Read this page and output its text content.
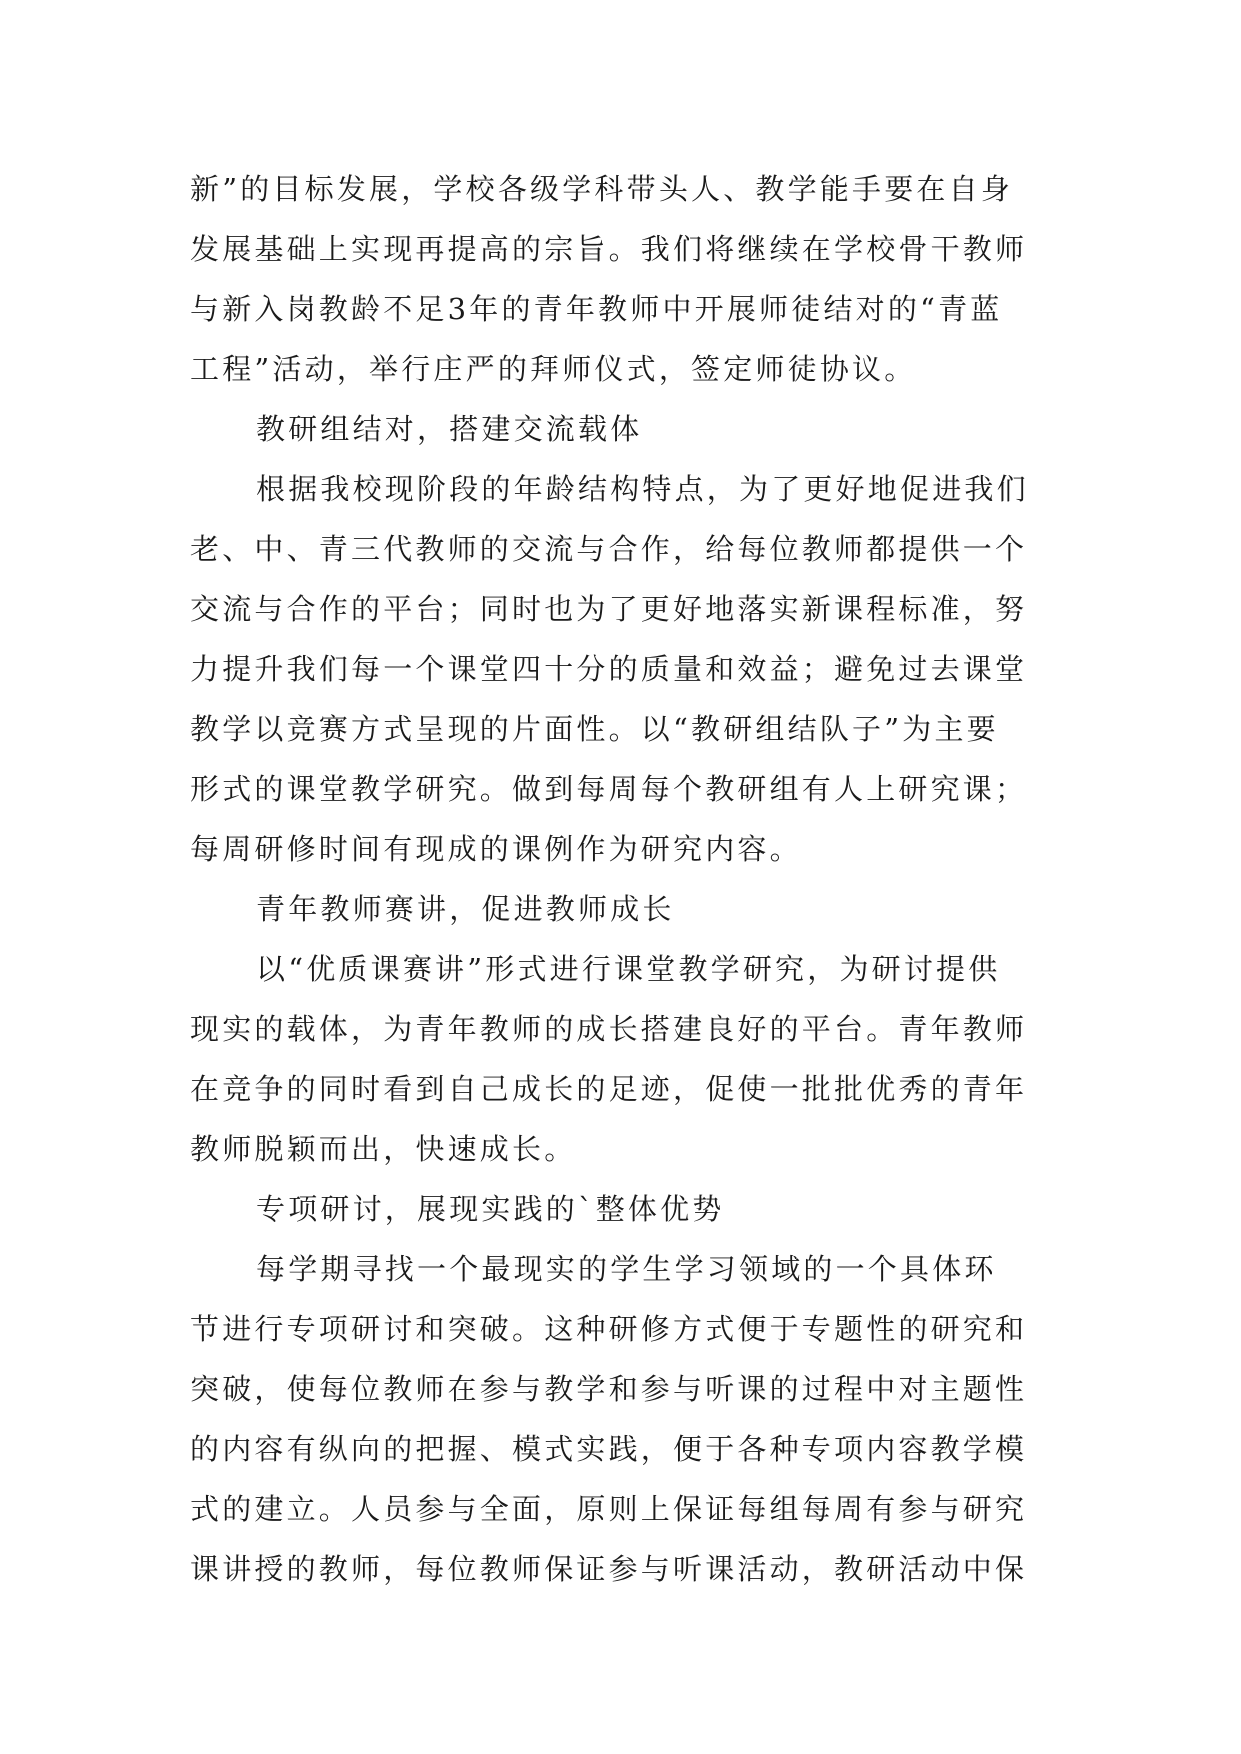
新”的目标发展，学校各级学科带头人、教学能手要在自身
发展基础上实现再提高的宗旨。我们将继续在学校骨干教师
与新入岗教龄不足3年的青年教师中开展师徒结对的“青蓝
工程”活动，举行庄严的拜师仪式，签定师徒协议。
教研组结对，搭建交流载体
根据我校现阶段的年龄结构特点，为了更好地促进我们
老、中、青三代教师的交流与合作，给每位教师都提供一个
交流与合作的平台；同时也为了更好地落实新课程标准，努
力提升我们每一个课堂四十分的质量和效益；避免过去课堂
教学以竞赛方式呈现的片面性。以“教研组结队子”为主要
形式的课堂教学研究。做到每周每个教研组有人上研究课；
每周研修时间有现成的课例作为研究内容。
青年教师赛讲，促进教师成长
以“优质课赛讲”形式进行课堂教学研究，为研讨提供
现实的载体，为青年教师的成长搭建良好的平台。青年教师
在竞争的同时看到自己成长的足迹，促使一批批优秀的青年
教师脱颖而出，快速成长。
专项研讨，展现实践的`整体优势
每学期寻找一个最现实的学生学习领域的一个具体环
节进行专项研讨和突破。这种研修方式便于专题性的研究和
突破，使每位教师在参与教学和参与听课的过程中对主题性
的内容有纵向的把握、模式实践，便于各种专项内容教学模
式的建立。人员参与全面，原则上保证每组每周有参与研究
课讲授的教师，每位教师保证参与听课活动，教研活动中保
